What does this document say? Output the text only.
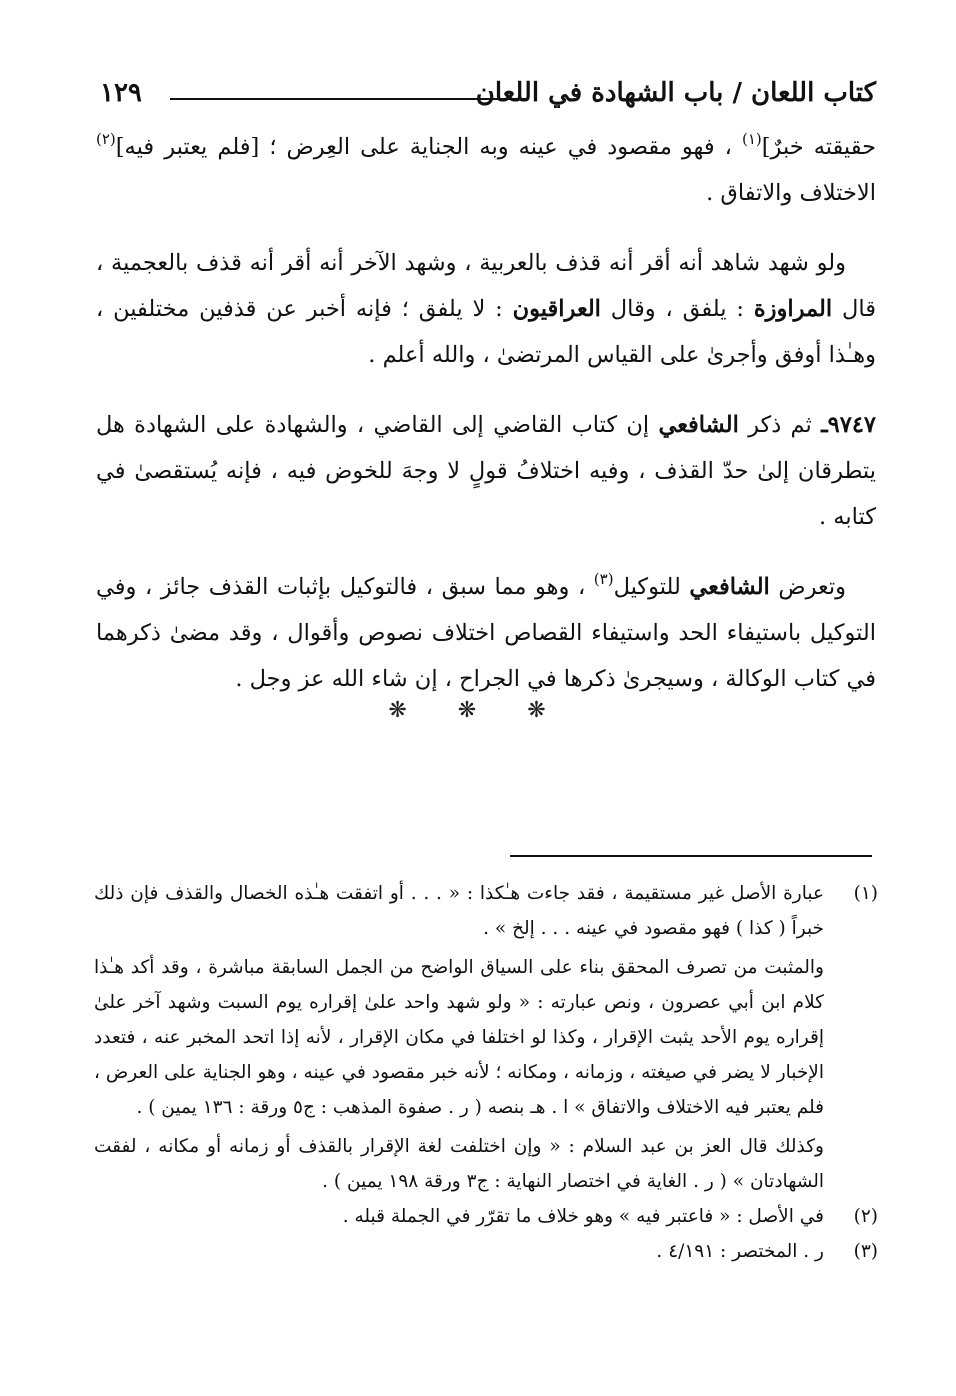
كتاب اللعان / باب الشهادة في اللعان
١٢٩

حقيقته خبرٌ]$^{(١)}$ ، فهو مقصود في عينه وبه الجناية على العِرض ؛ [فلم يعتبر فيه]$^{(٢)}$ الاختلاف والاتفاق .

ولو شهد شاهد أنه أقر أنه قذف بالعربية ، وشهد الآخر أنه أقر أنه قذف بالعجمية ، قال المراوزة : يلفق ، وقال العراقيون : لا يلفق ؛ فإنه أخبر عن قذفين مختلفين ، وهـٰذا أوفق وأجرىٰ على القياس المرتضىٰ ، والله أعلم .

٩٧٤٧ـ ثم ذكر الشافعي إن كتاب القاضي إلى القاضي ، والشهادة على الشهادة هل يتطرقان إلىٰ حدّ القذف ، وفيه اختلافُ قولٍ لا وجهَ للخوض فيه ، فإنه يُستقصىٰ في كتابه .

وتعرض الشافعي للتوكيل$^{(٣)}$ ، وهو مما سبق ، فالتوكيل بإثبات القذف جائز ، وفي التوكيل باستيفاء الحد واستيفاء القصاص اختلاف نصوص وأقوال ، وقد مضىٰ ذكرهما في كتاب الوكالة ، وسيجرىٰ ذكرها في الجراح ، إن شاء الله عز وجل .

❋ ❋ ❋
(١)

عبارة الأصل غير مستقيمة ، فقد جاءت هـٰكذا : « . . . أو اتفقت هـٰذه الخصال والقذف فإن ذلك خبراً ( كذا ) فهو مقصود في عينه . . . إلخ » .

والمثبت من تصرف المحقق بناء على السياق الواضح من الجمل السابقة مباشرة ، وقد أكد هـٰذا كلام ابن أبي عصرون ، ونص عبارته : « ولو شهد واحد علىٰ إقراره يوم السبت وشهد آخر علىٰ إقراره يوم الأحد يثبت الإقرار ، وكذا لو اختلفا في مكان الإقرار ، لأنه إذا اتحد المخبر عنه ، فتعدد الإخبار لا يضر في صيغته ، وزمانه ، ومكانه ؛ لأنه خبر مقصود في عينه ، وهو الجناية على العرض ، فلم يعتبر فيه الاختلاف والاتفاق » ا . هـ بنصه ( ر . صفوة المذهب : ج٥ ورقة : ١٣٦ يمين ) .

وكذلك قال العز بن عبد السلام : « وإن اختلفت لغة الإقرار بالقذف أو زمانه أو مكانه ، لفقت الشهادتان » ( ر . الغاية في اختصار النهاية : ج٣ ورقة ١٩٨ يمين ) .

(٢)

في الأصل : « فاعتبر فيه » وهو خلاف ما تقرّر في الجملة قبله .

(٣)

ر . المختصر : ٤/١٩١ .
